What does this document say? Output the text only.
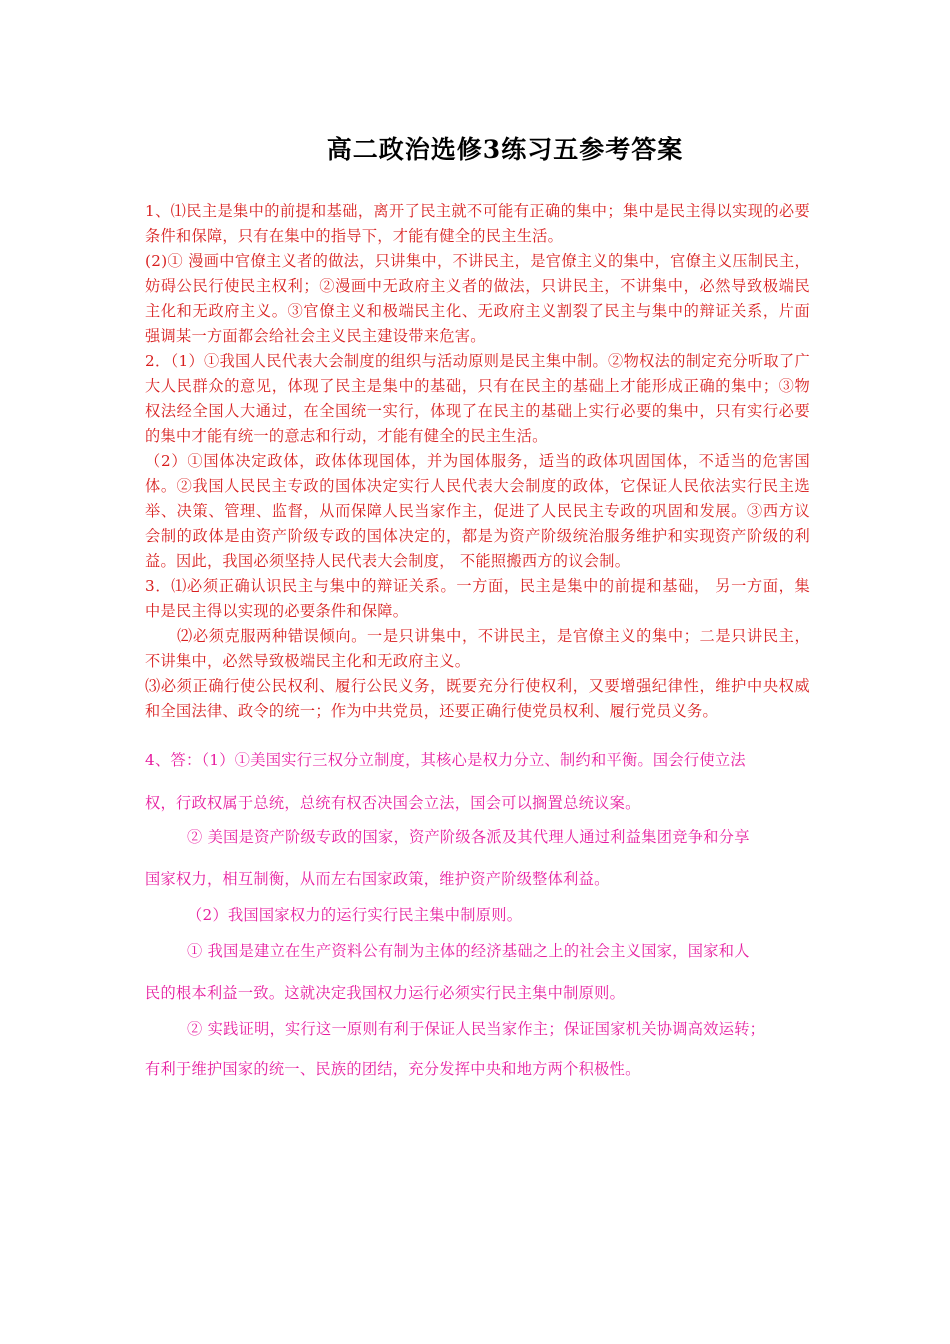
高二政治选修3练习五参考答案

1、⑴民主是集中的前提和基础，离开了民主就不可能有正确的集中；集中是民主得以实现的必要条件和保障，只有在集中的指导下，才能有健全的民主生活。

(2)① 漫画中官僚主义者的做法，只讲集中，不讲民主，是官僚主义的集中，官僚主义压制民主，妨碍公民行使民主权利；②漫画中无政府主义者的做法，只讲民主，不讲集中，必然导致极端民主化和无政府主义。③官僚主义和极端民主化、无政府主义割裂了民主与集中的辩证关系，片面强调某一方面都会给社会主义民主建设带来危害。

2．（1）①我国人民代表大会制度的组织与活动原则是民主集中制。②物权法的制定充分听取了广大人民群众的意见，体现了民主是集中的基础，只有在民主的基础上才能形成正确的集中；③物权法经全国人大通过，在全国统一实行，体现了在民主的基础上实行必要的集中，只有实行必要的集中才能有统一的意志和行动，才能有健全的民主生活。

（2）①国体决定政体，政体体现国体，并为国体服务，适当的政体巩固国体，不适当的危害国体。②我国人民民主专政的国体决定实行人民代表大会制度的政体，它保证人民依法实行民主选举、决策、管理、监督，从而保障人民当家作主，促进了人民民主专政的巩固和发展。③西方议会制的政体是由资产阶级专政的国体决定的，都是为资产阶级统治服务维护和实现资产阶级的利益。因此，我国必须坚持人民代表大会制度， 不能照搬西方的议会制。

3．⑴必须正确认识民主与集中的辩证关系。一方面，民主是集中的前提和基础， 另一方面，集中是民主得以实现的必要条件和保障。

⑵必须克服两种错误倾向。一是只讲集中，不讲民主，是官僚主义的集中；二是只讲民主，不讲集中，必然导致极端民主化和无政府主义。

⑶必须正确行使公民权利、履行公民义务，既要充分行使权利，又要增强纪律性，维护中央权威和全国法律、政令的统一；作为中共党员，还要正确行使党员权利、履行党员义务。

4、答：（1）①美国实行三权分立制度，其核心是权力分立、制约和平衡。国会行使立法

权，行政权属于总统，总统有权否决国会立法，国会可以搁置总统议案。

② 美国是资产阶级专政的国家，资产阶级各派及其代理人通过利益集团竞争和分享

国家权力，相互制衡，从而左右国家政策，维护资产阶级整体利益。

（2）我国国家权力的运行实行民主集中制原则。

① 我国是建立在生产资料公有制为主体的经济基础之上的社会主义国家，国家和人

民的根本利益一致。这就决定我国权力运行必须实行民主集中制原则。

② 实践证明，实行这一原则有利于保证人民当家作主；保证国家机关协调高效运转；

有利于维护国家的统一、民族的团结，充分发挥中央和地方两个积极性。
